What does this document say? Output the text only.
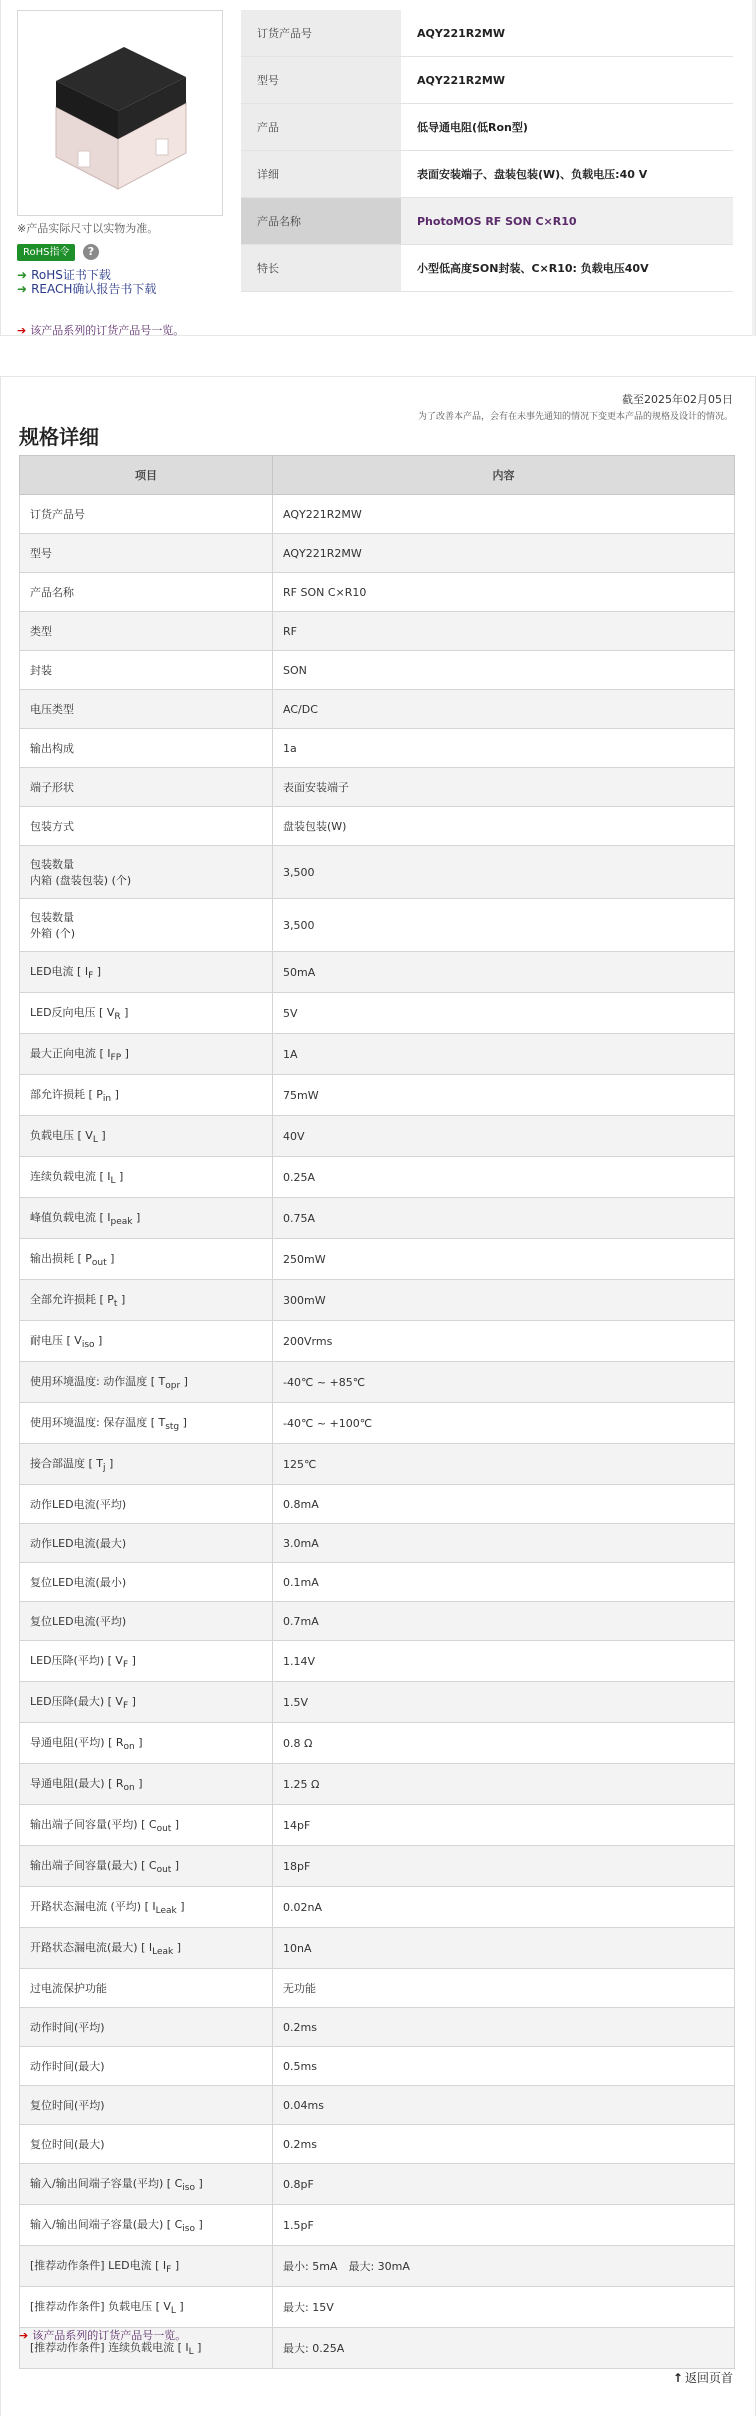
※产品实际尺寸以实物为准。
RoHS指令	?
➜ RoHS证书下载
➜ REACH确认报告书下载
➔ 该产品系列的订货产品号一览。
订货产品号	AQY221R2MW
型号	AQY221R2MW
产品	低导通电阻(低Ron型)
详细	表面安装端子、盘装包装(W)、负载电压:40 V
产品名称	PhotoMOS RF SON C×R10
特长	小型低高度SON封装、C×R10: 负载电压40V
截至2025年02月05日
为了改善本产品，会有在未事先通知的情况下变更本产品的规格及设计的情况。
规格详细
项目	内容
订货产品号	AQY221R2MW
型号	AQY221R2MW
产品名称	RF SON C×R10
类型	RF
封装	SON
电压类型	AC/DC
输出构成	1a
端子形状	表面安装端子
包装方式	盘装包装(W)
包装数量
内箱 (盘装包装) (个)	3,500
包装数量
外箱 (个)	3,500
LED电流 [ $I_F$ ]	50mA
LED反向电压 [ $V_R$ ]	5V
最大正向电流 [ $I_{FP}$ ]	1A
部允许损耗 [ $P_{in}$ ]	75mW
负载电压 [ $V_L$ ]	40V
连续负载电流 [ $I_L$ ]	0.25A
峰值负载电流 [ $I_{peak}$ ]	0.75A
输出损耗 [ $P_{out}$ ]	250mW
全部允许损耗 [ $P_t$ ]	300mW
耐电压 [ $V_{iso}$ ]	200Vrms
使用环境温度: 动作温度 [ $T_{opr}$ ]	-40℃ ~ +85℃
使用环境温度: 保存温度 [ $T_{stg}$ ]	-40℃ ~ +100℃
接合部温度 [ $T_j$ ]	125℃
动作LED电流(平均)	0.8mA
动作LED电流(最大)	3.0mA
复位LED电流(最小)	0.1mA
复位LED电流(平均)	0.7mA
LED压降(平均) [ $V_F$ ]	1.14V
LED压降(最大) [ $V_F$ ]	1.5V
导通电阻(平均) [ $R_{on}$ ]	0.8 Ω
导通电阻(最大) [ $R_{on}$ ]	1.25 Ω
输出端子间容量(平均) [ $C_{out}$ ]	14pF
输出端子间容量(最大) [ $C_{out}$ ]	18pF
开路状态漏电流 (平均) [ $I_{Leak}$ ]	0.02nA
开路状态漏电流(最大) [ $I_{Leak}$ ]	10nA
过电流保护功能	无功能
动作时间(平均)	0.2ms
动作时间(最大)	0.5ms
复位时间(平均)	0.04ms
复位时间(最大)	0.2ms
输入/输出间端子容量(平均) [ $C_{iso}$ ]	0.8pF
输入/输出间端子容量(最大) [ $C_{iso}$ ]	1.5pF
[推荐动作条件] LED电流 [ $I_F$ ]	最小: 5mA　最大: 30mA
[推荐动作条件] 负载电压 [ $V_L$ ]	最大: 15V
[推荐动作条件] 连续负载电流 [ $I_L$ ]	最大: 0.25A
➔ 该产品系列的订货产品号一览。
↑ 返回页首
